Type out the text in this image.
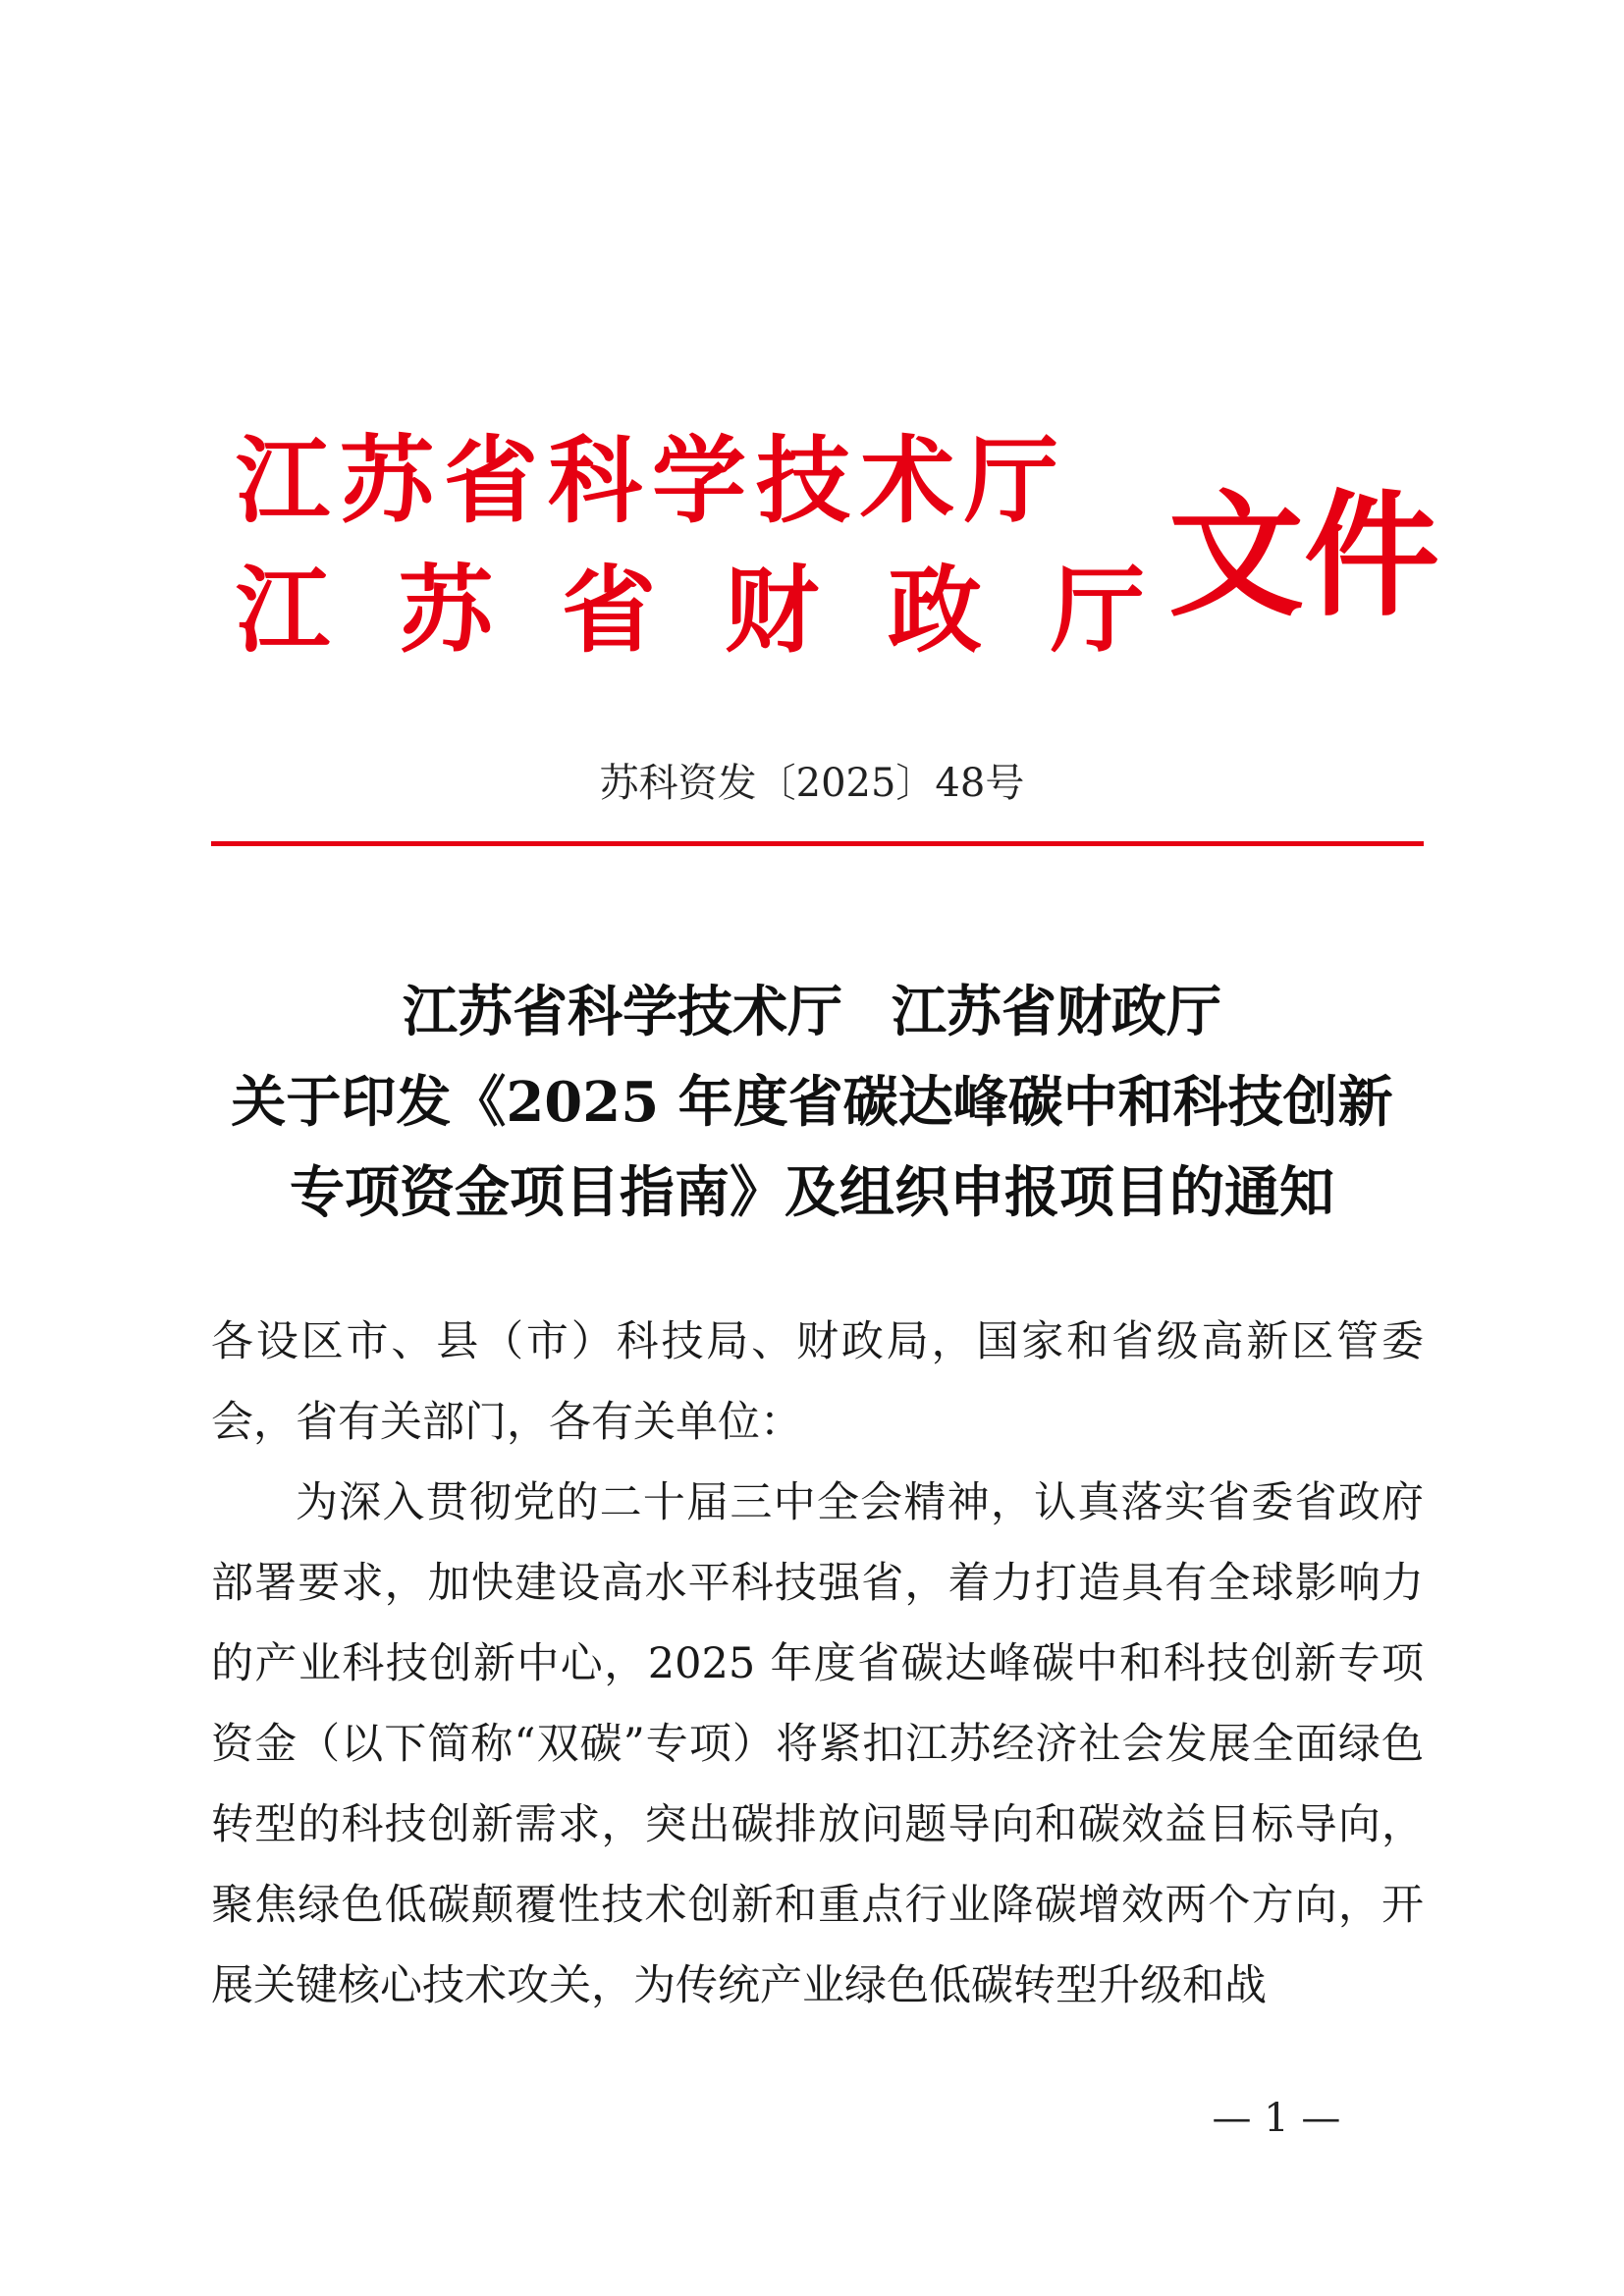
江苏省科学技术厅
江苏省财政厅
文件
苏科资发〔2025〕48号
江苏省科学技术厅 江苏省财政厅
关于印发《2025 年度省碳达峰碳中和科技创新
专项资金项目指南》及组织申报项目的通知

各设区市、县（市）科技局、财政局，国家和省级高新区管委会，省有关部门，各有关单位：

为深入贯彻党的二十届三中全会精神，认真落实省委省政府部署要求，加快建设高水平科技强省，着力打造具有全球影响力的产业科技创新中心，2025 年度省碳达峰碳中和科技创新专项资金（以下简称“双碳”专项）将紧扣江苏经济社会发展全面绿色转型的科技创新需求，突出碳排放问题导向和碳效益目标导向，聚焦绿色低碳颠覆性技术创新和重点行业降碳增效两个方向，开展关键核心技术攻关，为传统产业绿色低碳转型升级和战

— 1 —
